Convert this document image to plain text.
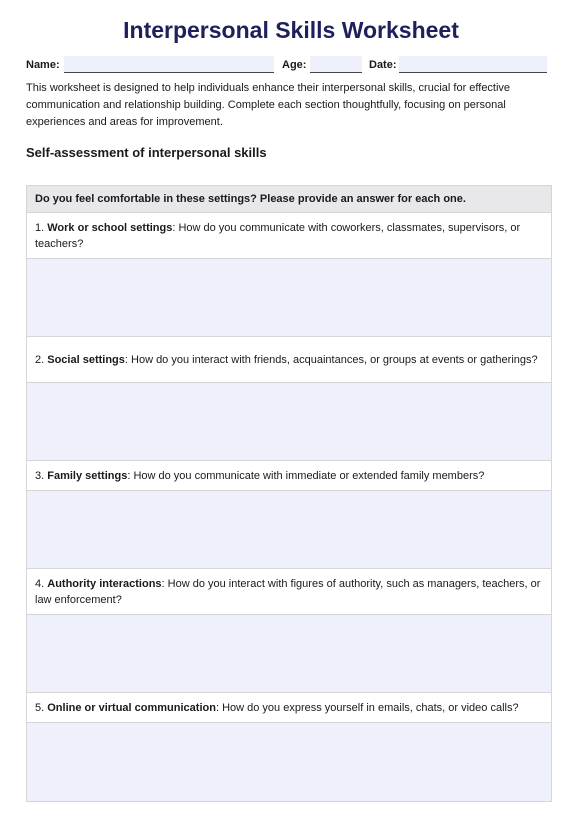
Interpersonal Skills Worksheet
Name:	Age:	Date:

This worksheet is designed to help individuals enhance their interpersonal skills, crucial for effective communication and relationship building. Complete each section thoughtfully, focusing on personal experiences and areas for improvement.

Self-assessment of interpersonal skills
Do you feel comfortable in these settings? Please provide an answer for each one.
1. Work or school settings: How do you communicate with coworkers, classmates, supervisors, or teachers?
2. Social settings: How do you interact with friends, acquaintances, or groups at events or gatherings?
3. Family settings: How do you communicate with immediate or extended family members?
4. Authority interactions: How do you interact with figures of authority, such as managers, teachers, or law enforcement?
5. Online or virtual communication: How do you express yourself in emails, chats, or video calls?
